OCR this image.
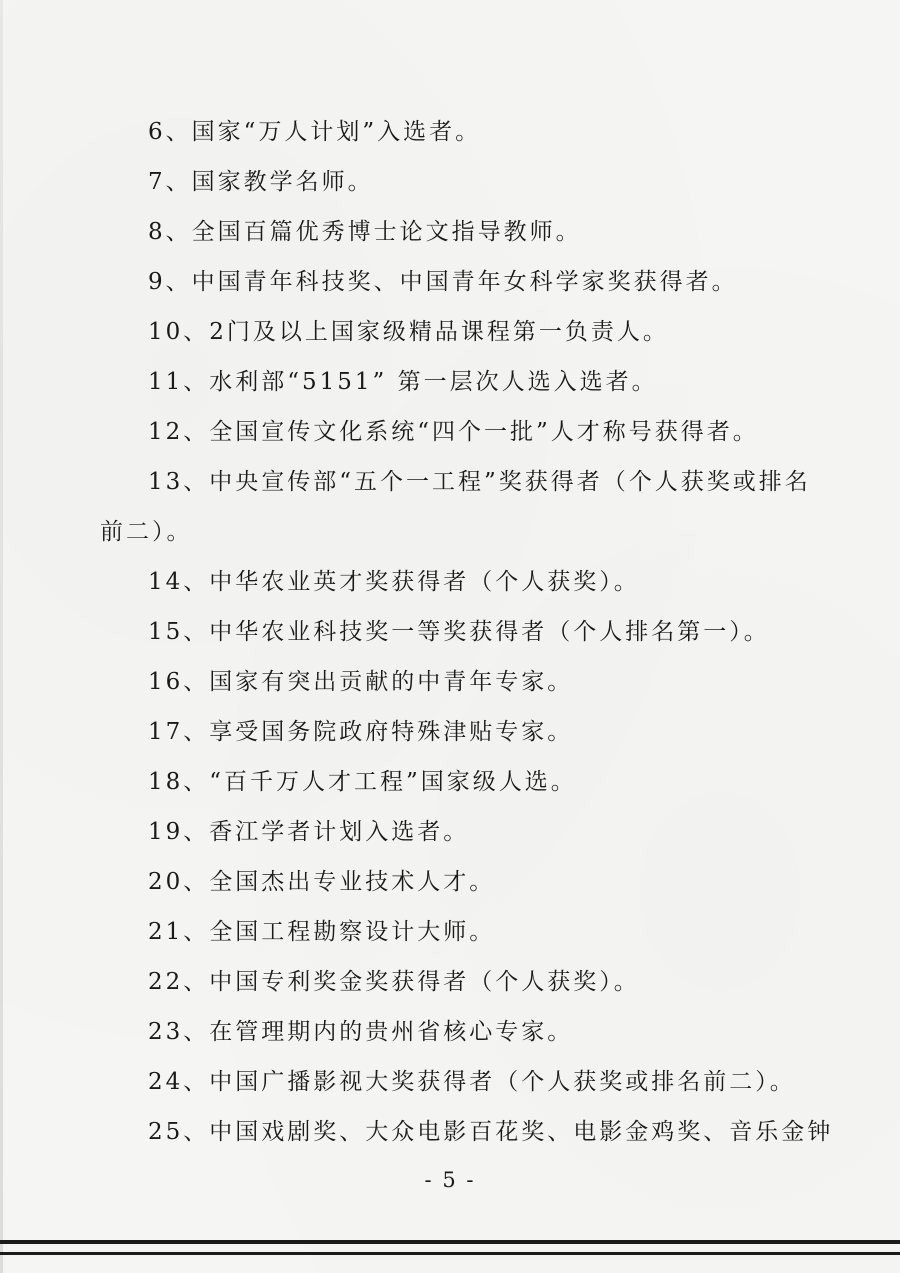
6、国家“万人计划”入选者。
7、国家教学名师。
8、全国百篇优秀博士论文指导教师。
9、中国青年科技奖、中国青年女科学家奖获得者。
10、2门及以上国家级精品课程第一负责人。
11、水利部“5151” 第一层次人选入选者。
12、全国宣传文化系统“四个一批”人才称号获得者。
13、中央宣传部“五个一工程”奖获得者（个人获奖或排名
前二）。
14、中华农业英才奖获得者（个人获奖）。
15、中华农业科技奖一等奖获得者（个人排名第一）。
16、国家有突出贡献的中青年专家。
17、享受国务院政府特殊津贴专家。
18、“百千万人才工程”国家级人选。
19、香江学者计划入选者。
20、全国杰出专业技术人才。
21、全国工程勘察设计大师。
22、中国专利奖金奖获得者（个人获奖）。
23、在管理期内的贵州省核心专家。
24、中国广播影视大奖获得者（个人获奖或排名前二）。
25、中国戏剧奖、大众电影百花奖、电影金鸡奖、音乐金钟
- 5 -
